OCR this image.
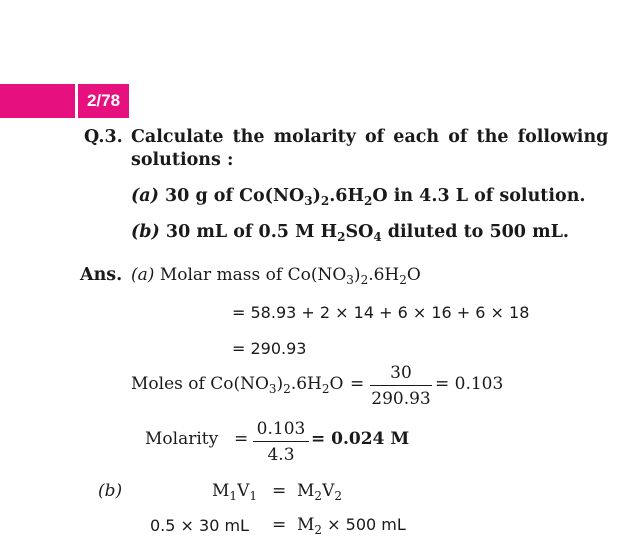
2/78
Q.3. Calculate the molarity of each of the following
solutions :
(a) 30 g of $Co(NO_3)_2.6H_2O$ in 4.3 L of solution.
(b) 30 mL of 0.5 M $H_2SO_4$ diluted to 500 mL.
Ans. (a) Molar mass of $Co(NO_3)_2.6H_2O$
= 58.93 + 2 × 14 + 6 × 16 + 6 × 18
= 290.93
Moles of $Co(NO_3)_2.6H_2O = \frac{30}{290.93} = 0.103$
Molarity = $\frac{0.103}{4.3} = 0.024$ M
(b)	$M_1V_1 = M_2V_2$
0.5 × 30 mL = $M_2 \times 500$ mL
